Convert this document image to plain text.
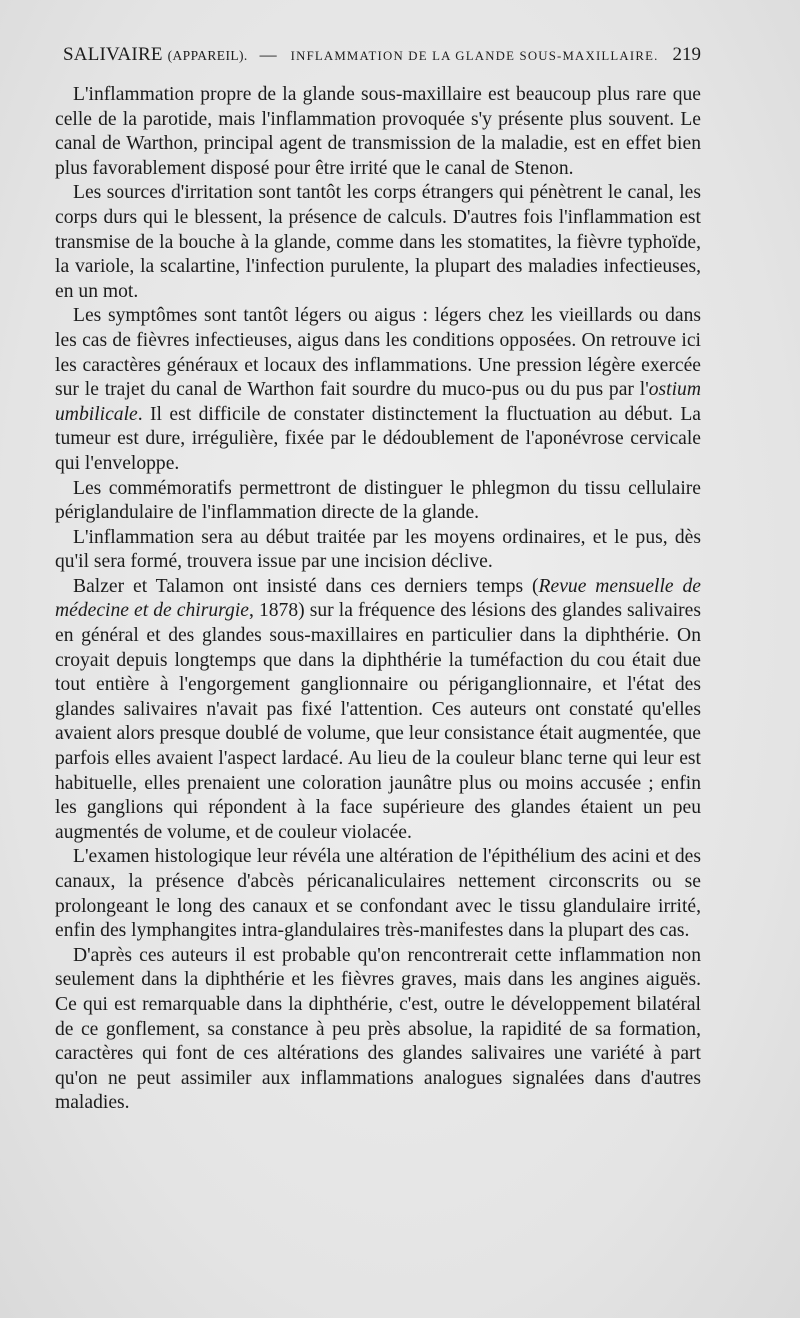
SALIVAIRE (APPAREIL). — INFLAMMATION DE LA GLANDE SOUS-MAXILLAIRE. 219

L'inflammation propre de la glande sous-maxillaire est beaucoup plus rare que celle de la parotide, mais l'inflammation provoquée s'y présente plus souvent. Le canal de Warthon, principal agent de transmission de la maladie, est en effet bien plus favorablement disposé pour être irrité que le canal de Stenon.

Les sources d'irritation sont tantôt les corps étrangers qui pénètrent le canal, les corps durs qui le blessent, la présence de calculs. D'autres fois l'inflammation est transmise de la bouche à la glande, comme dans les stomatites, la fièvre typhoïde, la variole, la scalartine, l'infection purulente, la plupart des maladies infectieuses, en un mot.

Les symptômes sont tantôt légers ou aigus : légers chez les vieillards ou dans les cas de fièvres infectieuses, aigus dans les conditions opposées. On retrouve ici les caractères généraux et locaux des inflammations. Une pression légère exercée sur le trajet du canal de Warthon fait sourdre du muco-pus ou du pus par l'ostium umbilicale. Il est difficile de constater distinctement la fluctuation au début. La tumeur est dure, irrégulière, fixée par le dédoublement de l'aponévrose cervicale qui l'enveloppe.

Les commémoratifs permettront de distinguer le phlegmon du tissu cellulaire périglandulaire de l'inflammation directe de la glande.

L'inflammation sera au début traitée par les moyens ordinaires, et le pus, dès qu'il sera formé, trouvera issue par une incision déclive.

Balzer et Talamon ont insisté dans ces derniers temps (Revue mensuelle de médecine et de chirurgie, 1878) sur la fréquence des lésions des glandes salivaires en général et des glandes sous-maxillaires en particulier dans la diphthérie. On croyait depuis longtemps que dans la diphthérie la tuméfaction du cou était due tout entière à l'engorgement ganglionnaire ou périganglionnaire, et l'état des glandes salivaires n'avait pas fixé l'attention. Ces auteurs ont constaté qu'elles avaient alors presque doublé de volume, que leur consistance était augmentée, que parfois elles avaient l'aspect lardacé. Au lieu de la couleur blanc terne qui leur est habituelle, elles prenaient une coloration jaunâtre plus ou moins accusée ; enfin les ganglions qui répondent à la face supérieure des glandes étaient un peu augmentés de volume, et de couleur violacée.

L'examen histologique leur révéla une altération de l'épithélium des acini et des canaux, la présence d'abcès péricanaliculaires nettement circonscrits ou se prolongeant le long des canaux et se confondant avec le tissu glandulaire irrité, enfin des lymphangites intra-glandulaires très-manifestes dans la plupart des cas.

D'après ces auteurs il est probable qu'on rencontrerait cette inflammation non seulement dans la diphthérie et les fièvres graves, mais dans les angines aiguës. Ce qui est remarquable dans la diphthérie, c'est, outre le développement bilatéral de ce gonflement, sa constance à peu près absolue, la rapidité de sa formation, caractères qui font de ces altérations des glandes salivaires une variété à part qu'on ne peut assimiler aux inflammations analogues signalées dans d'autres maladies.
